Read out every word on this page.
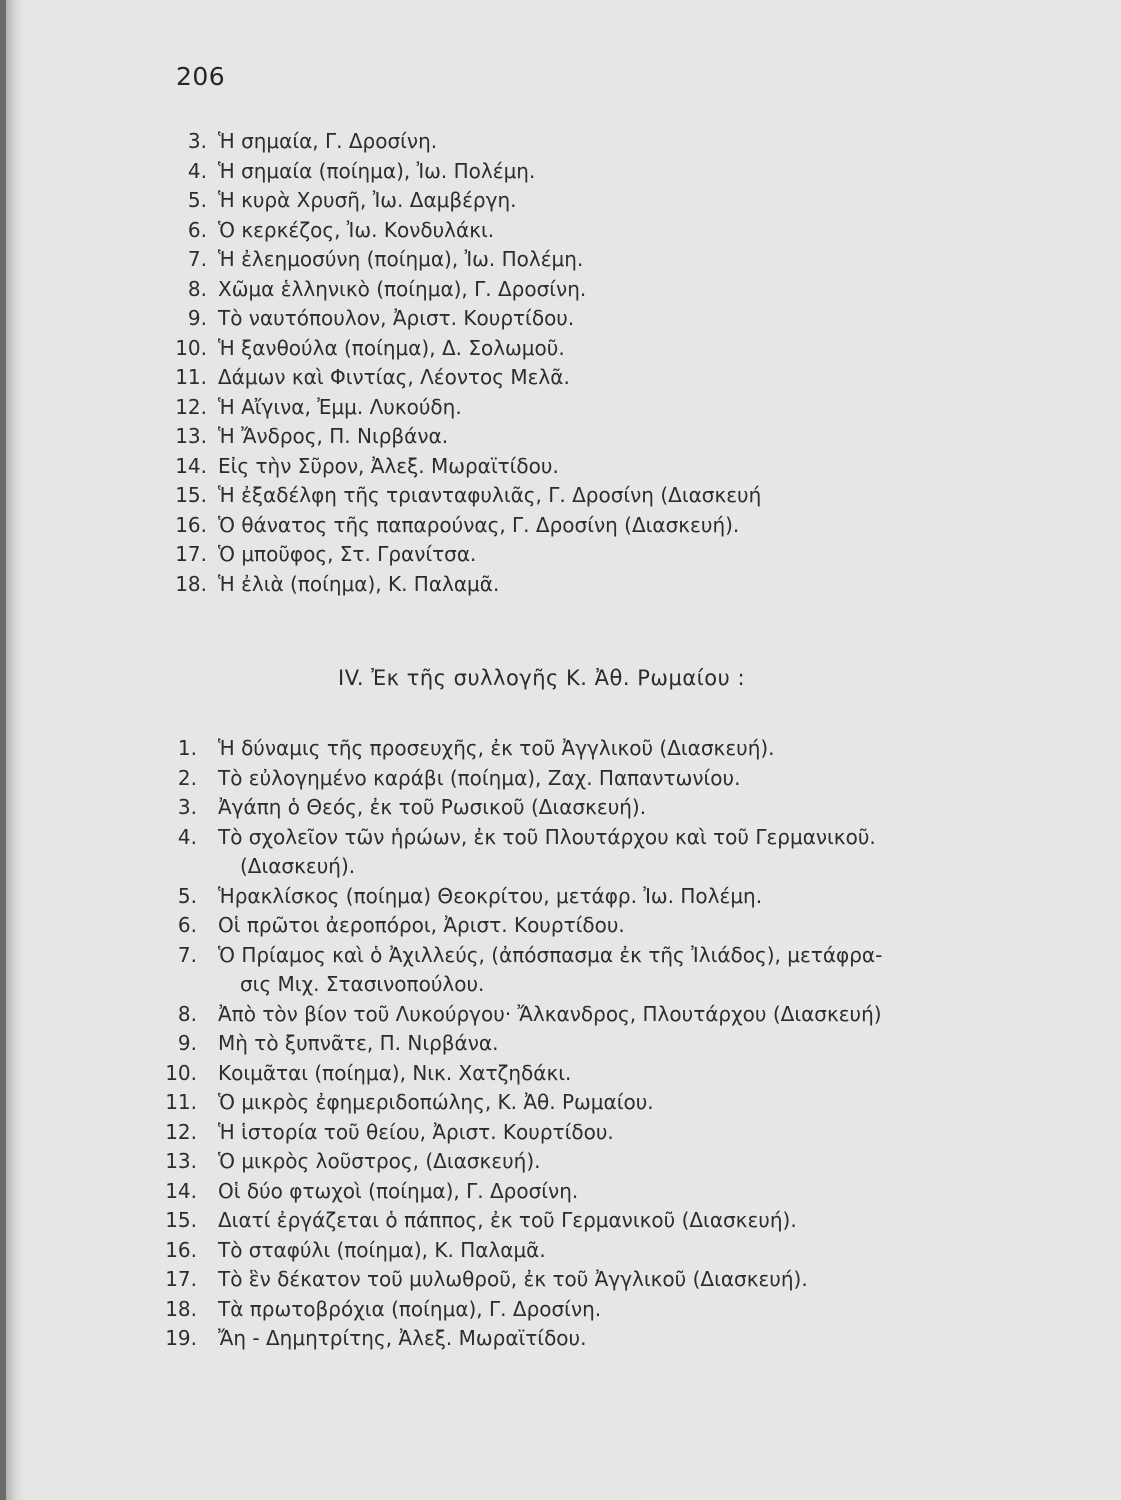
206
3. Ἡ σημαία, Γ. Δροσίνη.
4. Ἡ σημαία (ποίημα), Ἰω. Πολέμη.
5. Ἡ κυρὰ Χρυσῆ, Ἰω. Δαμβέργη.
6. Ὁ κερκέζος, Ἰω. Κονδυλάκι.
7. Ἡ ἐλεημοσύνη (ποίημα), Ἰω. Πολέμη.
8. Χῶμα ἑλληνικὸ (ποίημα), Γ. Δροσίνη.
9. Τὸ ναυτόπουλον, Ἀριστ. Κουρτίδου.
10. Ἡ ξανθούλα (ποίημα), Δ. Σολωμοῦ.
11. Δάμων καὶ Φιντίας, Λέοντος Μελᾶ.
12. Ἡ Αἴγινα, Ἐμμ. Λυκούδη.
13. Ἡ Ἄνδρος, Π. Νιρβάνα.
14. Εἰς τὴν Σῦρον, Ἀλεξ. Μωραϊτίδου.
15. Ἡ ἐξαδέλφη τῆς τριανταφυλιᾶς, Γ. Δροσίνη (Διασκευή
16. Ὁ θάνατος τῆς παπαρούνας, Γ. Δροσίνη (Διασκευή).
17. Ὁ μποῦφος, Στ. Γρανίτσα.
18. Ἡ ἐλιὰ (ποίημα), Κ. Παλαμᾶ.
IV. Ἐκ τῆς συλλογῆς Κ. Ἀθ. Ρωμαίου :
1. Ἡ δύναμις τῆς προσευχῆς, ἐκ τοῦ Ἀγγλικοῦ (Διασκευή).
2. Τὸ εὐλογημένο καράβι (ποίημα), Ζαχ. Παπαντωνίου.
3. Ἀγάπη ὁ Θεός, ἐκ τοῦ Ρωσικοῦ (Διασκευή).
4. Τὸ σχολεῖον τῶν ἡρώων, ἐκ τοῦ Πλουτάρχου καὶ τοῦ Γερμανικοῦ.
(Διασκευή).
5. Ἡρακλίσκος (ποίημα) Θεοκρίτου, μετάφρ. Ἰω. Πολέμη.
6. Οἱ πρῶτοι ἀεροπόροι, Ἀριστ. Κουρτίδου.
7. Ὁ Πρίαμος καὶ ὁ Ἀχιλλεύς, (ἀπόσπασμα ἐκ τῆς Ἰλιάδος), μετάφρα-
σις Μιχ. Στασινοπούλου.
8. Ἀπὸ τὸν βίον τοῦ Λυκούργου· Ἄλκανδρος, Πλουτάρχου (Διασκευή)
9. Μὴ τὸ ξυπνᾶτε, Π. Νιρβάνα.
10. Κοιμᾶται (ποίημα), Νικ. Χατζηδάκι.
11. Ὁ μικρὸς ἐφημεριδοπώλης, Κ. Ἀθ. Ρωμαίου.
12. Ἡ ἱστορία τοῦ θείου, Ἀριστ. Κουρτίδου.
13. Ὁ μικρὸς λοῦστρος, (Διασκευή).
14. Οἱ δύο φτωχοὶ (ποίημα), Γ. Δροσίνη.
15. Διατί ἐργάζεται ὁ πάππος, ἐκ τοῦ Γερμανικοῦ (Διασκευή).
16. Τὸ σταφύλι (ποίημα), Κ. Παλαμᾶ.
17. Τὸ ἓν δέκατον τοῦ μυλωθροῦ, ἐκ τοῦ Ἀγγλικοῦ (Διασκευή).
18. Τὰ πρωτοβρόχια (ποίημα), Γ. Δροσίνη.
19. Ἄη - Δημητρίτης, Ἀλεξ. Μωραϊτίδου.
